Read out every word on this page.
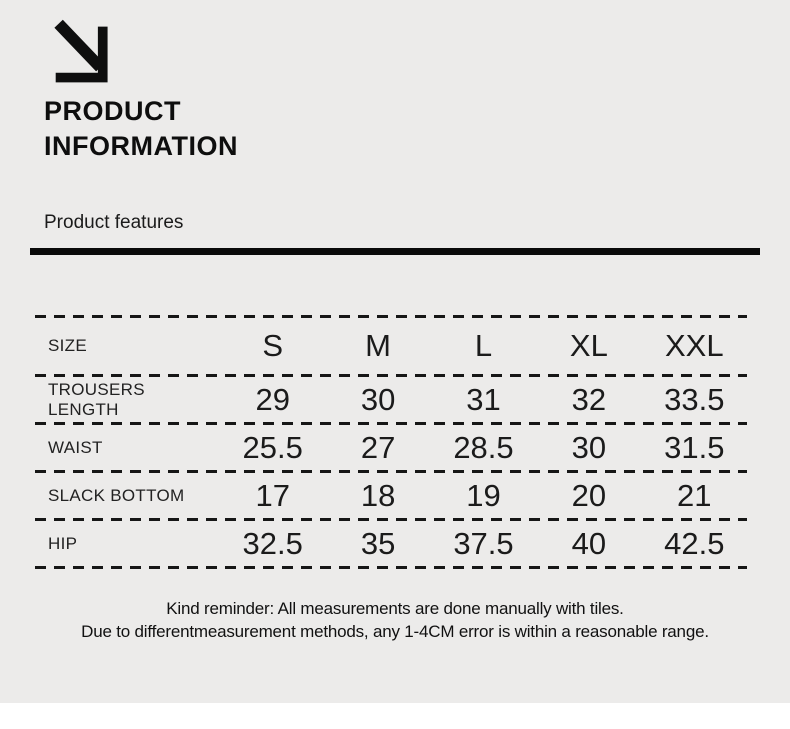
PRODUCT INFORMATION
Product features
SIZE	S	M	L	XL	XXL
TROUSERS LENGTH	29	30	31	32	33.5
WAIST	25.5	27	28.5	30	31.5
SLACK BOTTOM	17	18	19	20	21
HIP	32.5	35	37.5	40	42.5
Kind reminder: All measurements are done manually with tiles.
Due to differentmeasurement methods, any 1-4CM error is within a reasonable range.
